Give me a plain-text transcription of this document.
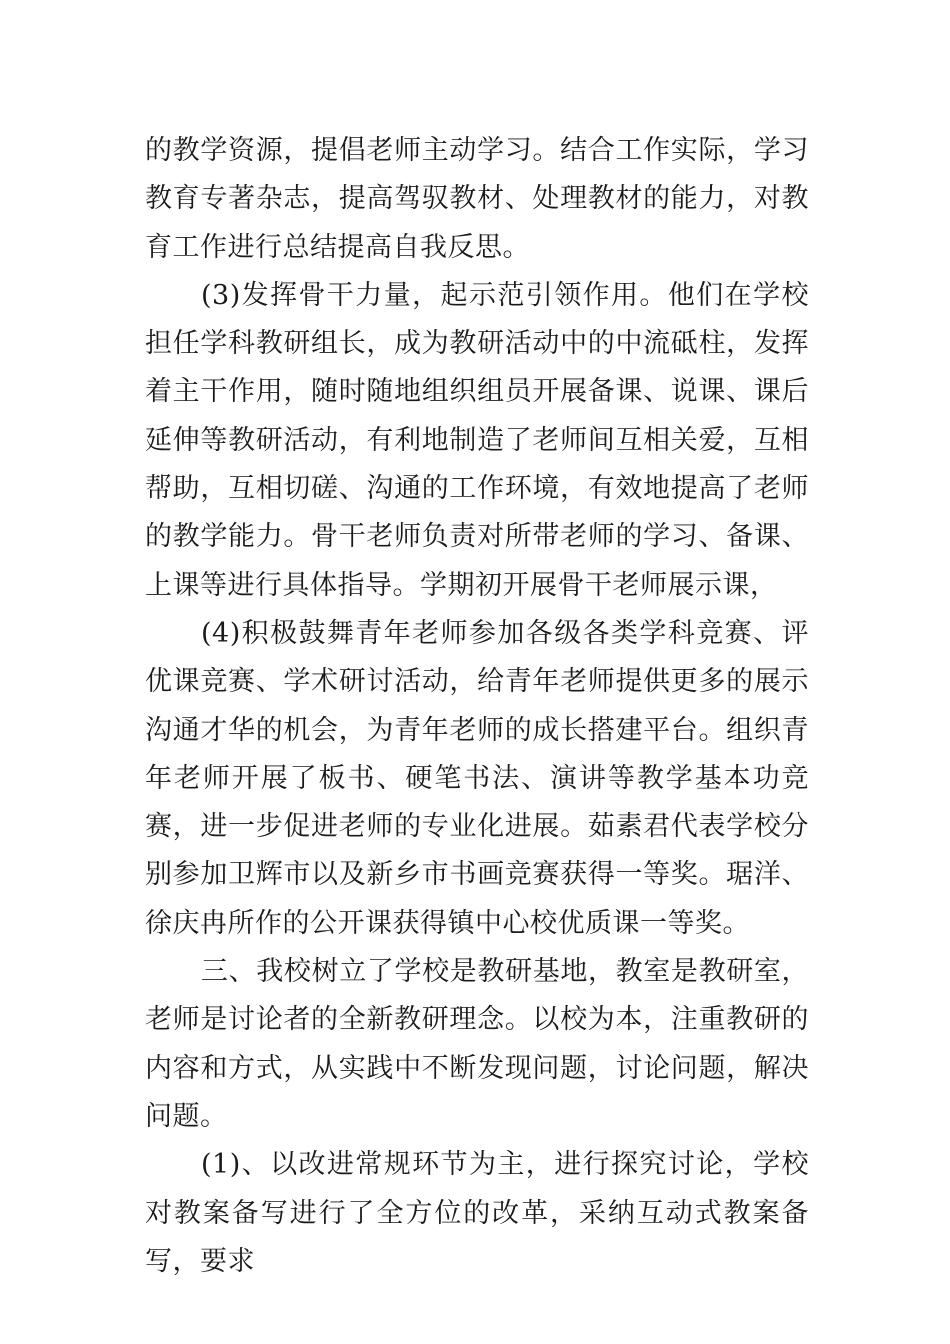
的教学资源，提倡老师主动学习。结合工作实际，学习教育专著杂志，提高驾驭教材、处理教材的能力，对教育工作进行总结提高自我反思。

(3)发挥骨干力量，起示范引领作用。他们在学校担任学科教研组长，成为教研活动中的中流砥柱，发挥着主干作用，随时随地组织组员开展备课、说课、课后延伸等教研活动，有利地制造了老师间互相关爱，互相帮助，互相切磋、沟通的工作环境，有效地提高了老师的教学能力。骨干老师负责对所带老师的学习、备课、上课等进行具体指导。学期初开展骨干老师展示课，

(4)积极鼓舞青年老师参加各级各类学科竞赛、评优课竞赛、学术研讨活动，给青年老师提供更多的展示沟通才华的机会，为青年老师的成长搭建平台。组织青年老师开展了板书、硬笔书法、演讲等教学基本功竞赛，进一步促进老师的专业化进展。茹素君代表学校分别参加卫辉市以及新乡市书画竞赛获得一等奖。琚洋、徐庆冉所作的公开课获得镇中心校优质课一等奖。

三、我校树立了学校是教研基地，教室是教研室，老师是讨论者的全新教研理念。以校为本，注重教研的内容和方式，从实践中不断发现问题，讨论问题，解决问题。

(1)、以改进常规环节为主，进行探究讨论，学校对教案备写进行了全方位的改革，采纳互动式教案备写，要求
